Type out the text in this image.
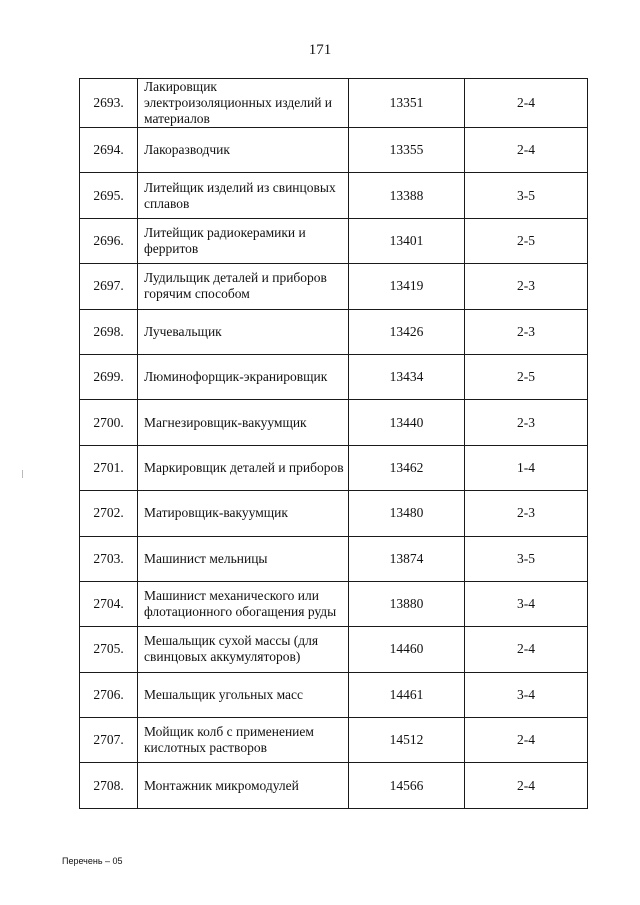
171
2693.	Лакировщик электроизоляционных изделий и материалов	13351	2-4
2694.	Лакоразводчик	13355	2-4
2695.	Литейщик изделий из свинцовых сплавов	13388	3-5
2696.	Литейщик радиокерамики и ферритов	13401	2-5
2697.	Лудильщик деталей и приборов горячим способом	13419	2-3
2698.	Лучевальщик	13426	2-3
2699.	Люминофорщик-экранировщик	13434	2-5
2700.	Магнезировщик-вакуумщик	13440	2-3
2701.	Маркировщик деталей и приборов	13462	1-4
2702.	Матировщик-вакуумщик	13480	2-3
2703.	Машинист мельницы	13874	3-5
2704.	Машинист механического или флотационного обогащения руды	13880	3-4
2705.	Мешальщик сухой массы (для свинцовых аккумуляторов)	14460	2-4
2706.	Мешальщик угольных масс	14461	3-4
2707.	Мойщик колб с применением кислотных растворов	14512	2-4
2708.	Монтажник микромодулей	14566	2-4
Перечень – 05
